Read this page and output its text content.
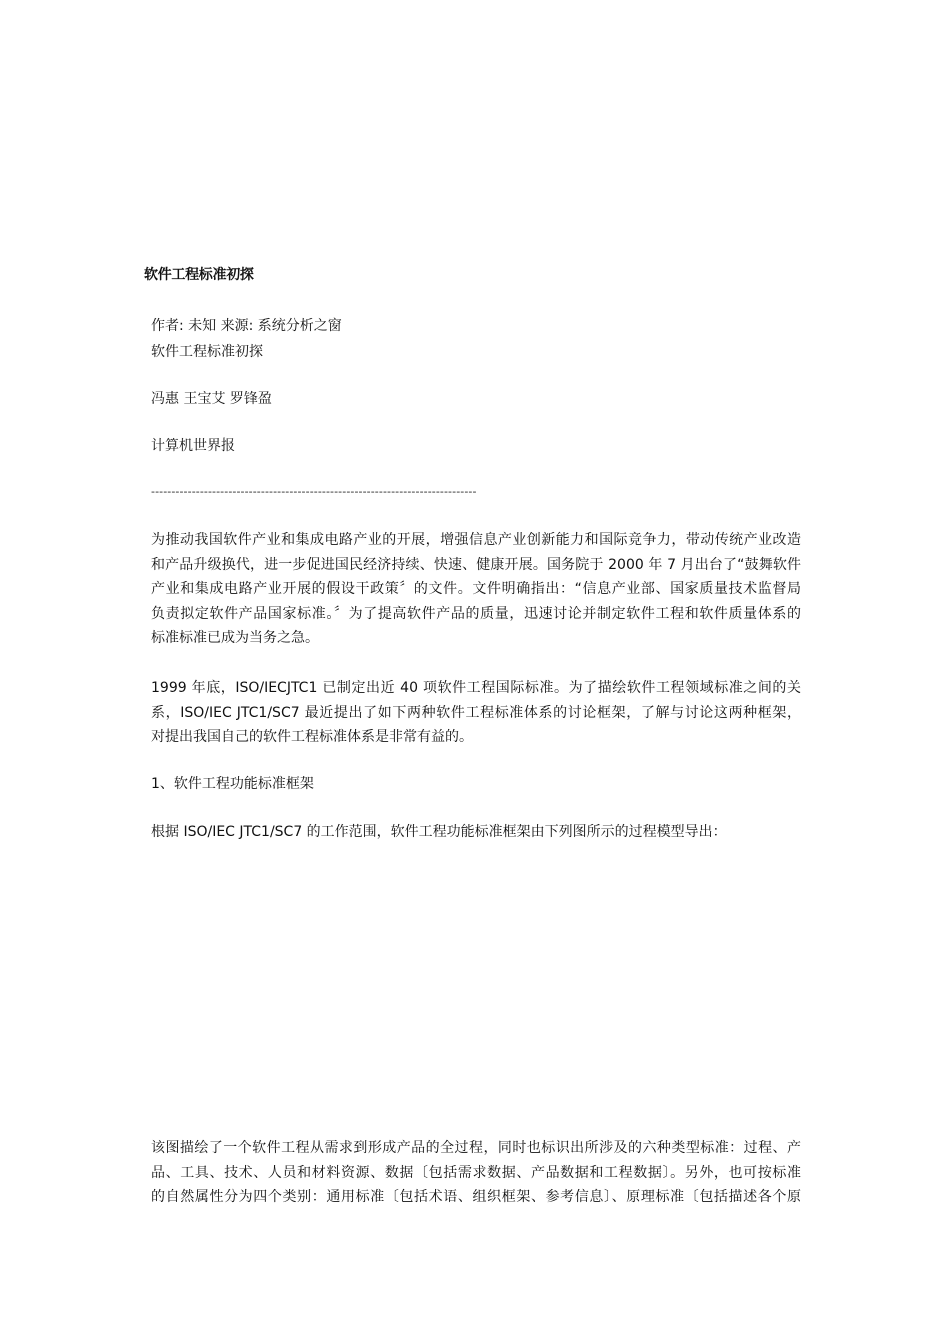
软件工程标准初探
作者: 未知 来源: 系统分析之窗
软件工程标准初探
冯惠 王宝艾 罗锋盈
计算机世界报
--------------------------------------------------------------------------------
为推动我国软件产业和集成电路产业的开展，增强信息产业创新能力和国际竞争力，带动传统产业改造
和产品升级换代，进一步促进国民经济持续、快速、健康开展。国务院于 2000 年 7 月出台了“鼓舞软件
产业和集成电路产业开展的假设干政策〞的文件。文件明确指出：“信息产业部、国家质量技术监督局
负责拟定软件产品国家标准。〞为了提高软件产品的质量，迅速讨论并制定软件工程和软件质量体系的
标准标准已成为当务之急。
1999 年底，ISO/IECJTC1 已制定出近 40 项软件工程国际标准。为了描绘软件工程领域标准之间的关
系，ISO/IEC JTC1/SC7 最近提出了如下两种软件工程标准体系的讨论框架，了解与讨论这两种框架，
对提出我国自己的软件工程标准体系是非常有益的。
1、软件工程功能标准框架
根据 ISO/IEC JTC1/SC7 的工作范围，软件工程功能标准框架由下列图所示的过程模型导出：
该图描绘了一个软件工程从需求到形成产品的全过程，同时也标识出所涉及的六种类型标准：过程、产
品、工具、技术、人员和材料资源、数据〔包括需求数据、产品数据和工程数据〕。另外，也可按标准
的自然属性分为四个类别：通用标准〔包括术语、组织框架、参考信息〕、原理标准〔包括描述各个原
